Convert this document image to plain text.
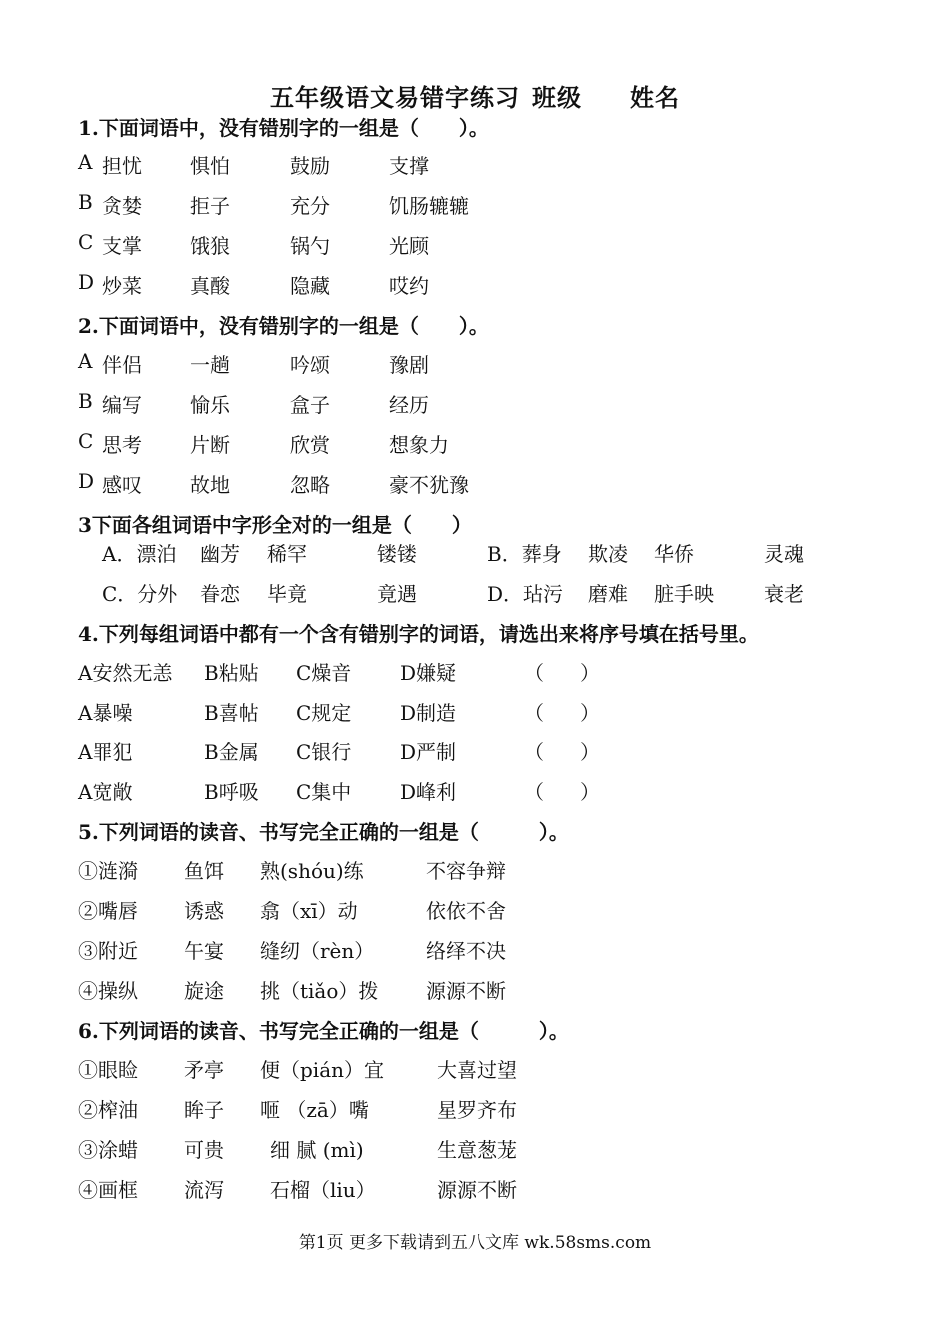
五年级语文易错字练习 班级 姓名
1.下面词语中，没有错别字的一组是（　　）。
A 担忧 惧怕	鼓励	支撑
B 贪婪 拒子	充分	饥肠辘辘
C 支掌 饿狼	锅勺	光顾
D 炒菜 真酸	隐藏	哎约
2.下面词语中，没有错别字的一组是（　　）。
A 伴侣 一趟	吟颂	豫剧
B 编写 愉乐	盒子	经历
C 思考 片断	欣赏	想象力
D 感叹 故地	忽略	豪不犹豫
3下面各组词语中字形全对的一组是（　　）
A．漂泊 幽芳 稀罕	镂镂	B．葬身 欺凌 华侨	灵魂
C．分外 眷恋 毕竟	竟遇	D．玷污 磨难 脏手映	衰老
4.下列每组词语中都有一个含有错别字的词语，请选出来将序号填在括号里。
A安然无恙 B粘贴 C燥音 D嫌疑	（ ）
A暴噪	B喜帖 C规定 D制造	（ ）
A罪犯	B金属 C银行 D严制	（ ）
A宽敞	B呼吸 C集中 D峰利	（ ）
5.下列词语的读音、书写完全正确的一组是（　　　）。
①涟漪 鱼饵 熟(shóu)练	不容争辩
②嘴唇 诱惑 翕（xī）动	依依不舍
③附近 午宴 缝纫（rèn）	络绎不决
④操纵 旋途 挑（tiǎo）拨 源源不断
6.下列词语的读音、书写完全正确的一组是（　　　）。
①眼睑 矛亭 便（pián）宜	大喜过望
②榨油 眸子 咂 （zā）嘴	星罗齐布
③涂蜡 可贵 细 腻 (mì)	生意葱茏
④画框 流泻 石榴（liu）	源源不断
第1页 更多下载请到五八文库 wk.58sms.com
